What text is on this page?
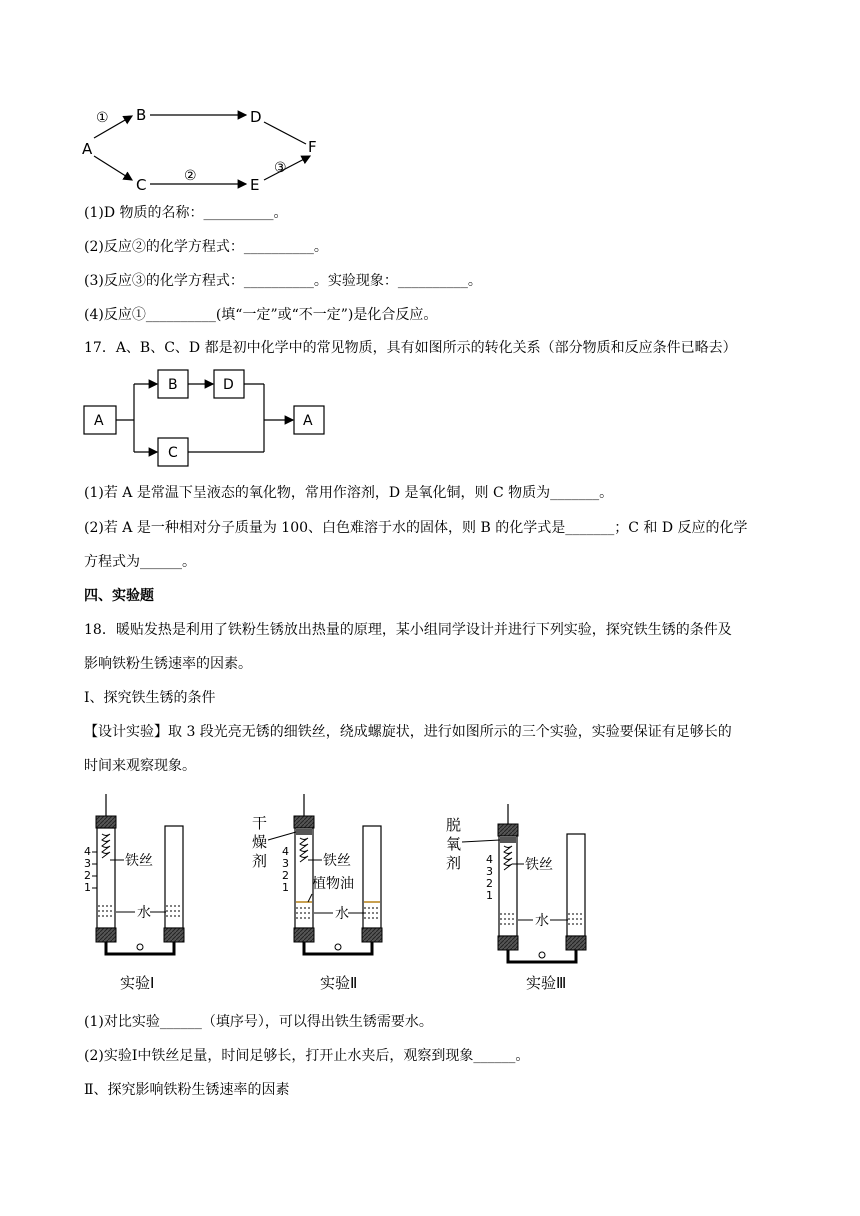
A
B	D
F
C	E
①
②	③
(1)D 物质的名称：__________。
(2)反应②的化学方程式：__________。
(3)反应③的化学方程式：__________。实验现象：__________。
(4)反应①__________(填“一定”或“不一定”)是化合反应。
17．A、B、C、D 都是初中化学中的常见物质，具有如图所示的转化关系（部分物质和反应条件已略去）
A
B	D
C
A
(1)若 A 是常温下呈液态的氧化物，常用作溶剂，D 是氧化铜，则 C 物质为_______。
(2)若 A 是一种相对分子质量为 100、白色难溶于水的固体，则 B 的化学式是_______；C 和 D 反应的化学
方程式为______。
四、实验题
18．暖贴发热是利用了铁粉生锈放出热量的原理，某小组同学设计并进行下列实验，探究铁生锈的条件及
影响铁粉生锈速率的因素。
Ⅰ、探究铁生锈的条件
【设计实验】取 3 段光亮无锈的细铁丝，绕成螺旋状，进行如图所示的三个实验，实验要保证有足够长的
时间来观察现象。
4
3
2
1
铁丝
水
实验Ⅰ
干
燥
剂
4
3
2
1
铁丝
植物油
水
实验Ⅱ
脱
氧
剂 4
3
2
1
铁丝
水
实验Ⅲ
(1)对比实验______（填序号），可以得出铁生锈需要水。
(2)实验Ⅰ中铁丝足量，时间足够长，打开止水夹后，观察到现象______。
Ⅱ、探究影响铁粉生锈速率的因素
